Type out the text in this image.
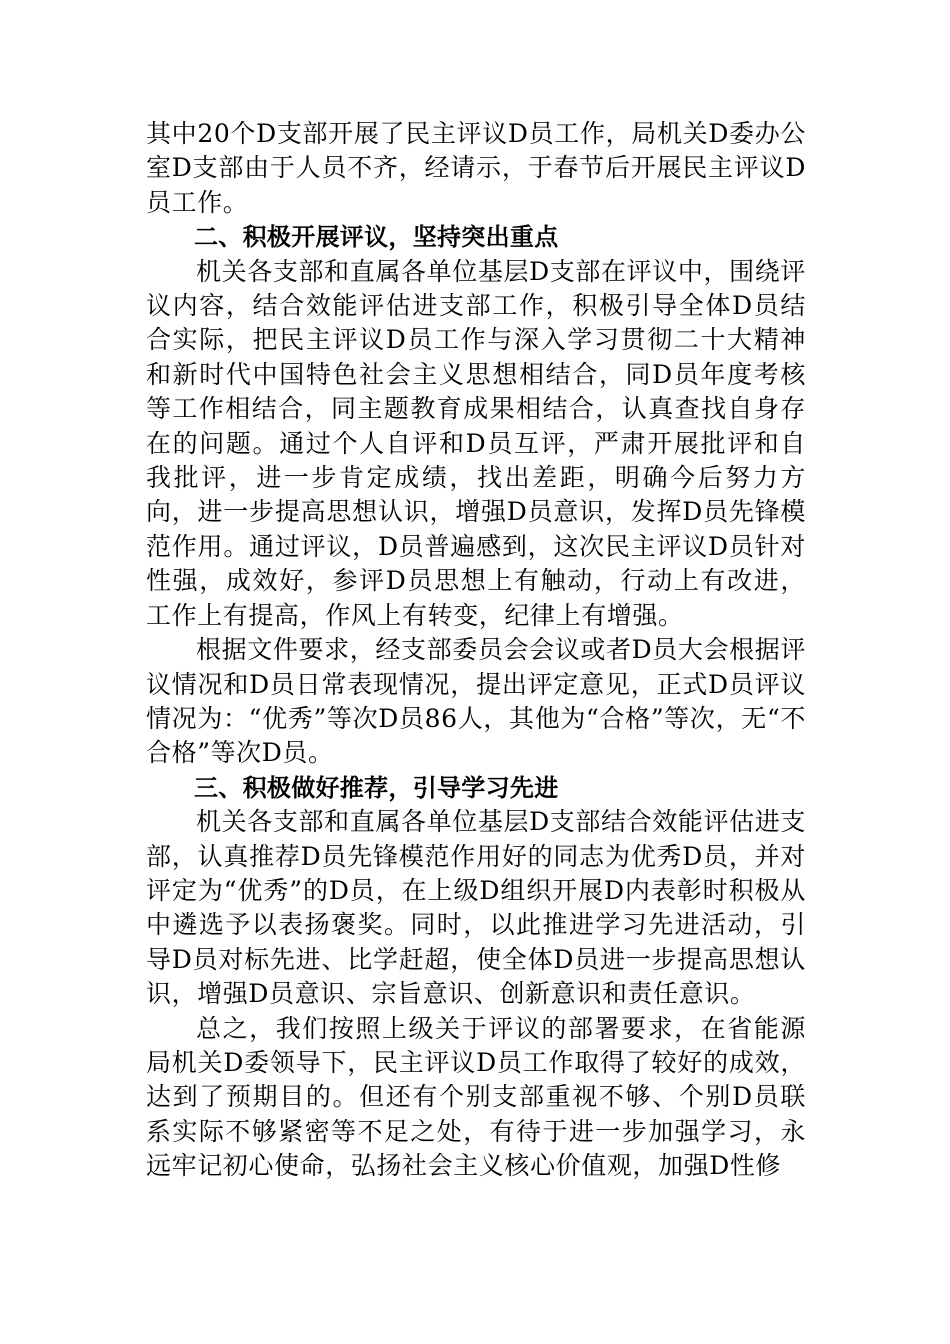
其中20个D支部开展了民主评议D员工作，局机关D委办公室D支部由于人员不齐，经请示，于春节后开展民主评议D员工作。

二、积极开展评议，坚持突出重点

机关各支部和直属各单位基层D支部在评议中，围绕评议内容，结合效能评估进支部工作，积极引导全体D员结合实际，把民主评议D员工作与深入学习贯彻二十大精神和新时代中国特色社会主义思想相结合，同D员年度考核等工作相结合，同主题教育成果相结合，认真查找自身存在的问题。通过个人自评和D员互评，严肃开展批评和自我批评，进一步肯定成绩，找出差距，明确今后努力方向，进一步提高思想认识，增强D员意识，发挥D员先锋模范作用。通过评议，D员普遍感到，这次民主评议D员针对性强，成效好，参评D员思想上有触动，行动上有改进，工作上有提高，作风上有转变，纪律上有增强。

根据文件要求，经支部委员会会议或者D员大会根据评议情况和D员日常表现情况，提出评定意见，正式D员评议情况为：“优秀”等次D员86人，其他为“合格”等次，无“不合格”等次D员。

三、积极做好推荐，引导学习先进

机关各支部和直属各单位基层D支部结合效能评估进支部，认真推荐D员先锋模范作用好的同志为优秀D员，并对评定为“优秀”的D员，在上级D组织开展D内表彰时积极从中遴选予以表扬褒奖。同时，以此推进学习先进活动，引导D员对标先进、比学赶超，使全体D员进一步提高思想认识，增强D员意识、宗旨意识、创新意识和责任意识。

总之，我们按照上级关于评议的部署要求，在省能源局机关D委领导下，民主评议D员工作取得了较好的成效，达到了预期目的。但还有个别支部重视不够、个别D员联系实际不够紧密等不足之处，有待于进一步加强学习，永远牢记初心使命，弘扬社会主义核心价值观，加强D性修
